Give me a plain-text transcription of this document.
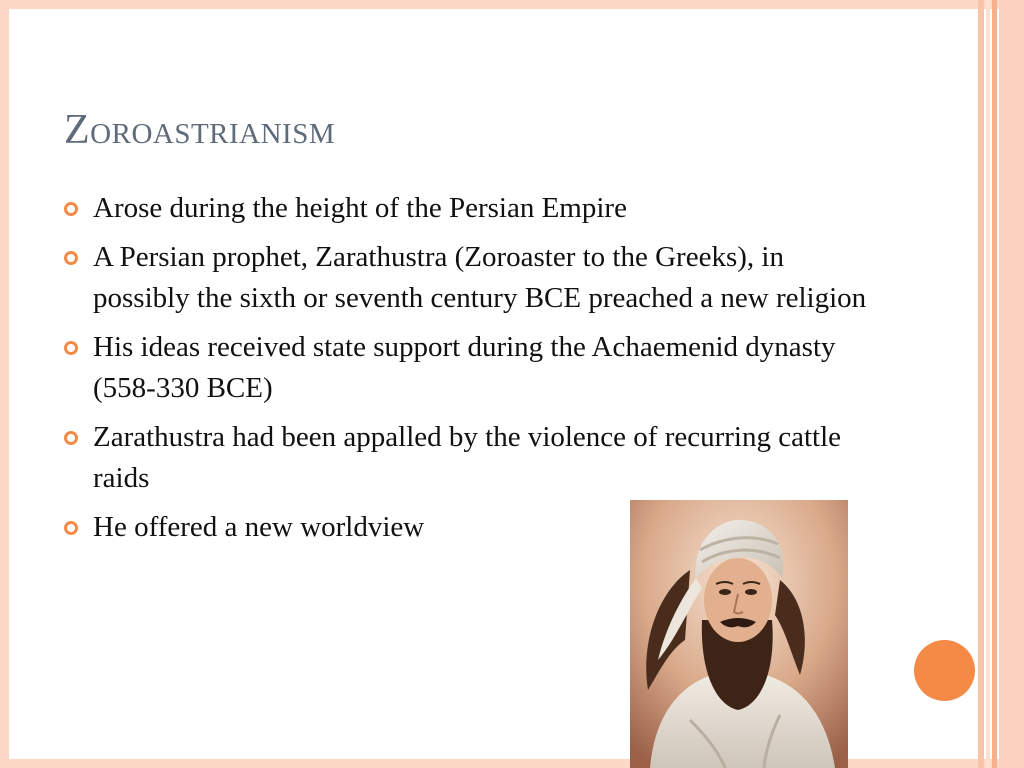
Zoroastrianism
Arose during the height of the Persian Empire
A Persian prophet, Zarathustra (Zoroaster to the Greeks), in possibly the sixth or seventh century BCE preached a new religion
His ideas received state support during the Achaemenid dynasty (558-330 BCE)
Zarathustra had been appalled by the violence of recurring cattle raids
He offered a new worldview
